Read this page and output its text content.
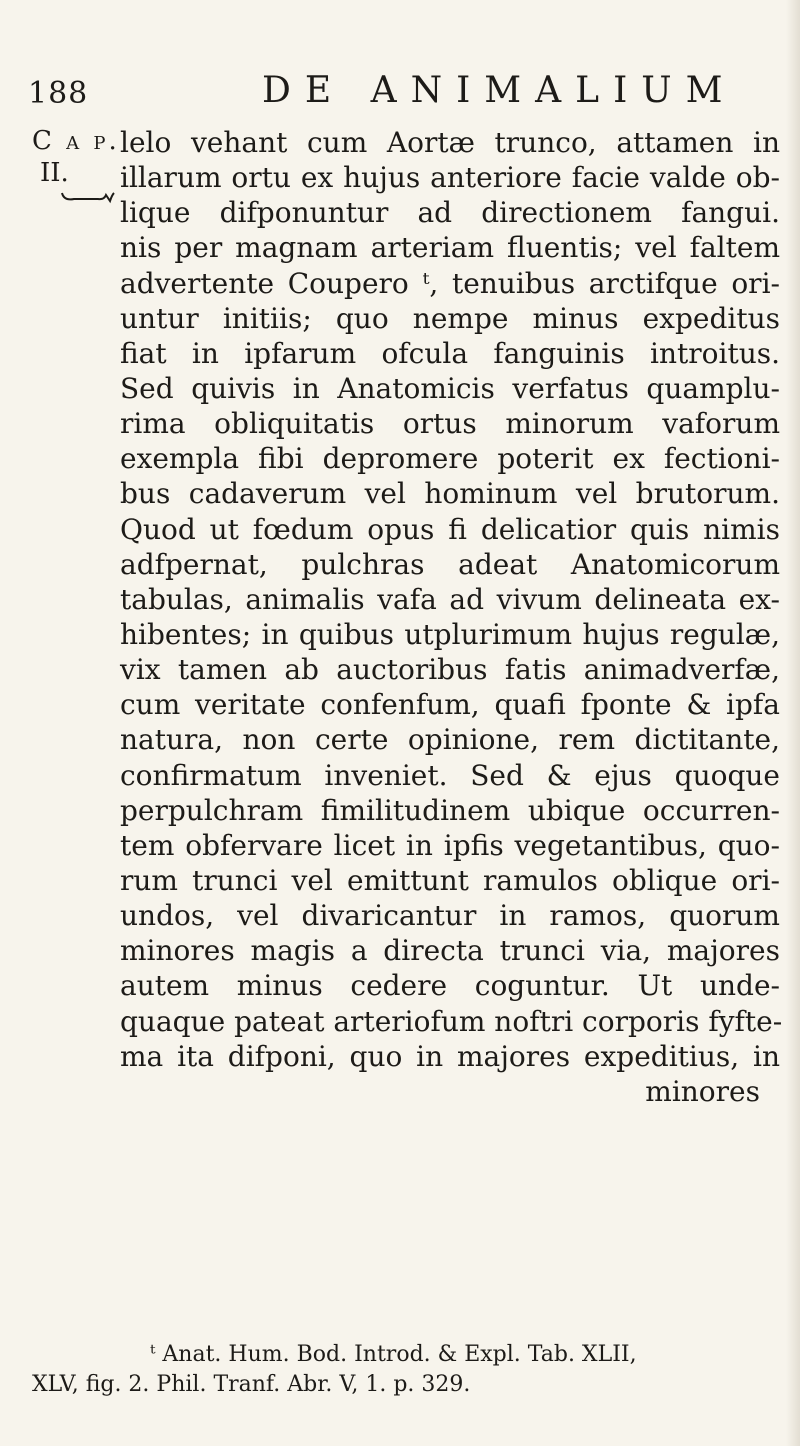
188	DE ANIMALIUM
C a p.
II.
lelo vehant cum Aortæ trunco, attamen in
illarum ortu ex hujus anteriore facie valde ob-
lique difponuntur ad directionem fangui.
nis per magnam arteriam fluentis; vel faltem
advertente Coupero ᵗ, tenuibus arctifque ori-
untur initiis; quo nempe minus expeditus
fiat in ipfarum ofcula fanguinis introitus.
Sed quivis in Anatomicis verfatus quamplu-
rima obliquitatis ortus minorum vaforum
exempla fibi depromere poterit ex fectioni-
bus cadaverum vel hominum vel brutorum.
Quod ut fœdum opus fi delicatior quis nimis
adfpernat, pulchras adeat Anatomicorum
tabulas, animalis vafa ad vivum delineata ex-
hibentes; in quibus utplurimum hujus regulæ,
vix tamen ab auctoribus fatis animadverfæ,
cum veritate confenfum, quafi fponte & ipfa
natura, non certe opinione, rem dictitante,
confirmatum inveniet. Sed & ejus quoque
perpulchram fimilitudinem ubique occurren-
tem obfervare licet in ipfis vegetantibus, quo-
rum trunci vel emittunt ramulos oblique ori-
undos, vel divaricantur in ramos, quorum
minores magis a directa trunci via, majores
autem minus cedere coguntur. Ut unde-
quaque pateat arteriofum noftri corporis fyfte-
ma ita difponi, quo in majores expeditius, in
minores
ᵗ Anat. Hum. Bod. Introd. & Expl. Tab. XLII,
XLV, fig. 2. Phil. Tranf. Abr. V, 1. p. 329.
